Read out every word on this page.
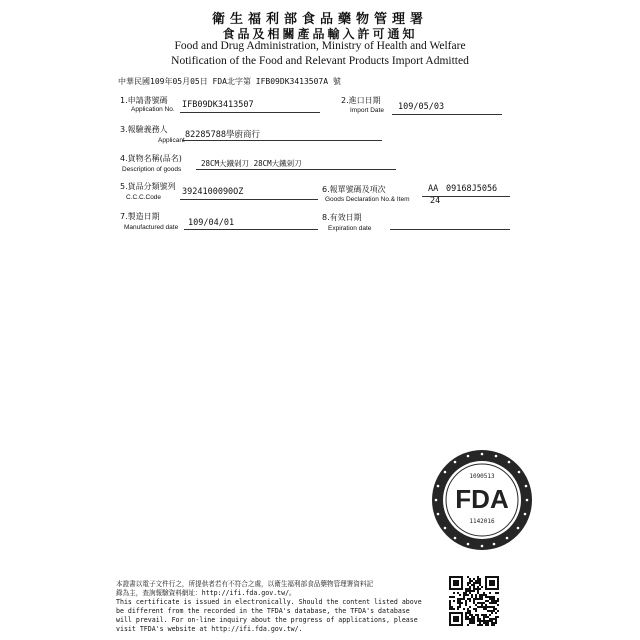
衛生福利部食品藥物管理署
食品及相關產品輸入許可通知
Food and Drug Administration, Ministry of Health and Welfare
Notification of the Food and Relevant Products Import Admitted
中華民國109年05月05日 FDA北字第 IFB09DK3413507A 號
1.申請書號碼
Application No. IFB09DK3413507	2.進口日期
Import Date 109/05/03
3.報驗義務人
Applicant
82285788學廚商行
4.貨物名稱(品名)
Description of goods
28CM大鐵剁刀 28CM大鐵剁刀
5.貨品分類號列
C.C.C.Code
3924100090OZ	6.報單號碼及項次
Goods Declaration No.& Item
AA 09168J5056
24
7.製造日期
Manufactured date 109/04/01
8.有效日期
Expiration date
1090513
FDA
1142016
本證書以電子文件行之，所提供者若有不符合之處，以衛生福利部食品藥物管理署資料記
錄為主，查詢報驗資料網址：http://ifi.fda.gov.tw/。
This certificate is issued in electronically. Should the content listed above
be different from the recorded in the TFDA's database, the TFDA's database
will prevail. For on-line inquiry about the progress of applications, please
visit TFDA's website at http://ifi.fda.gov.tw/.
